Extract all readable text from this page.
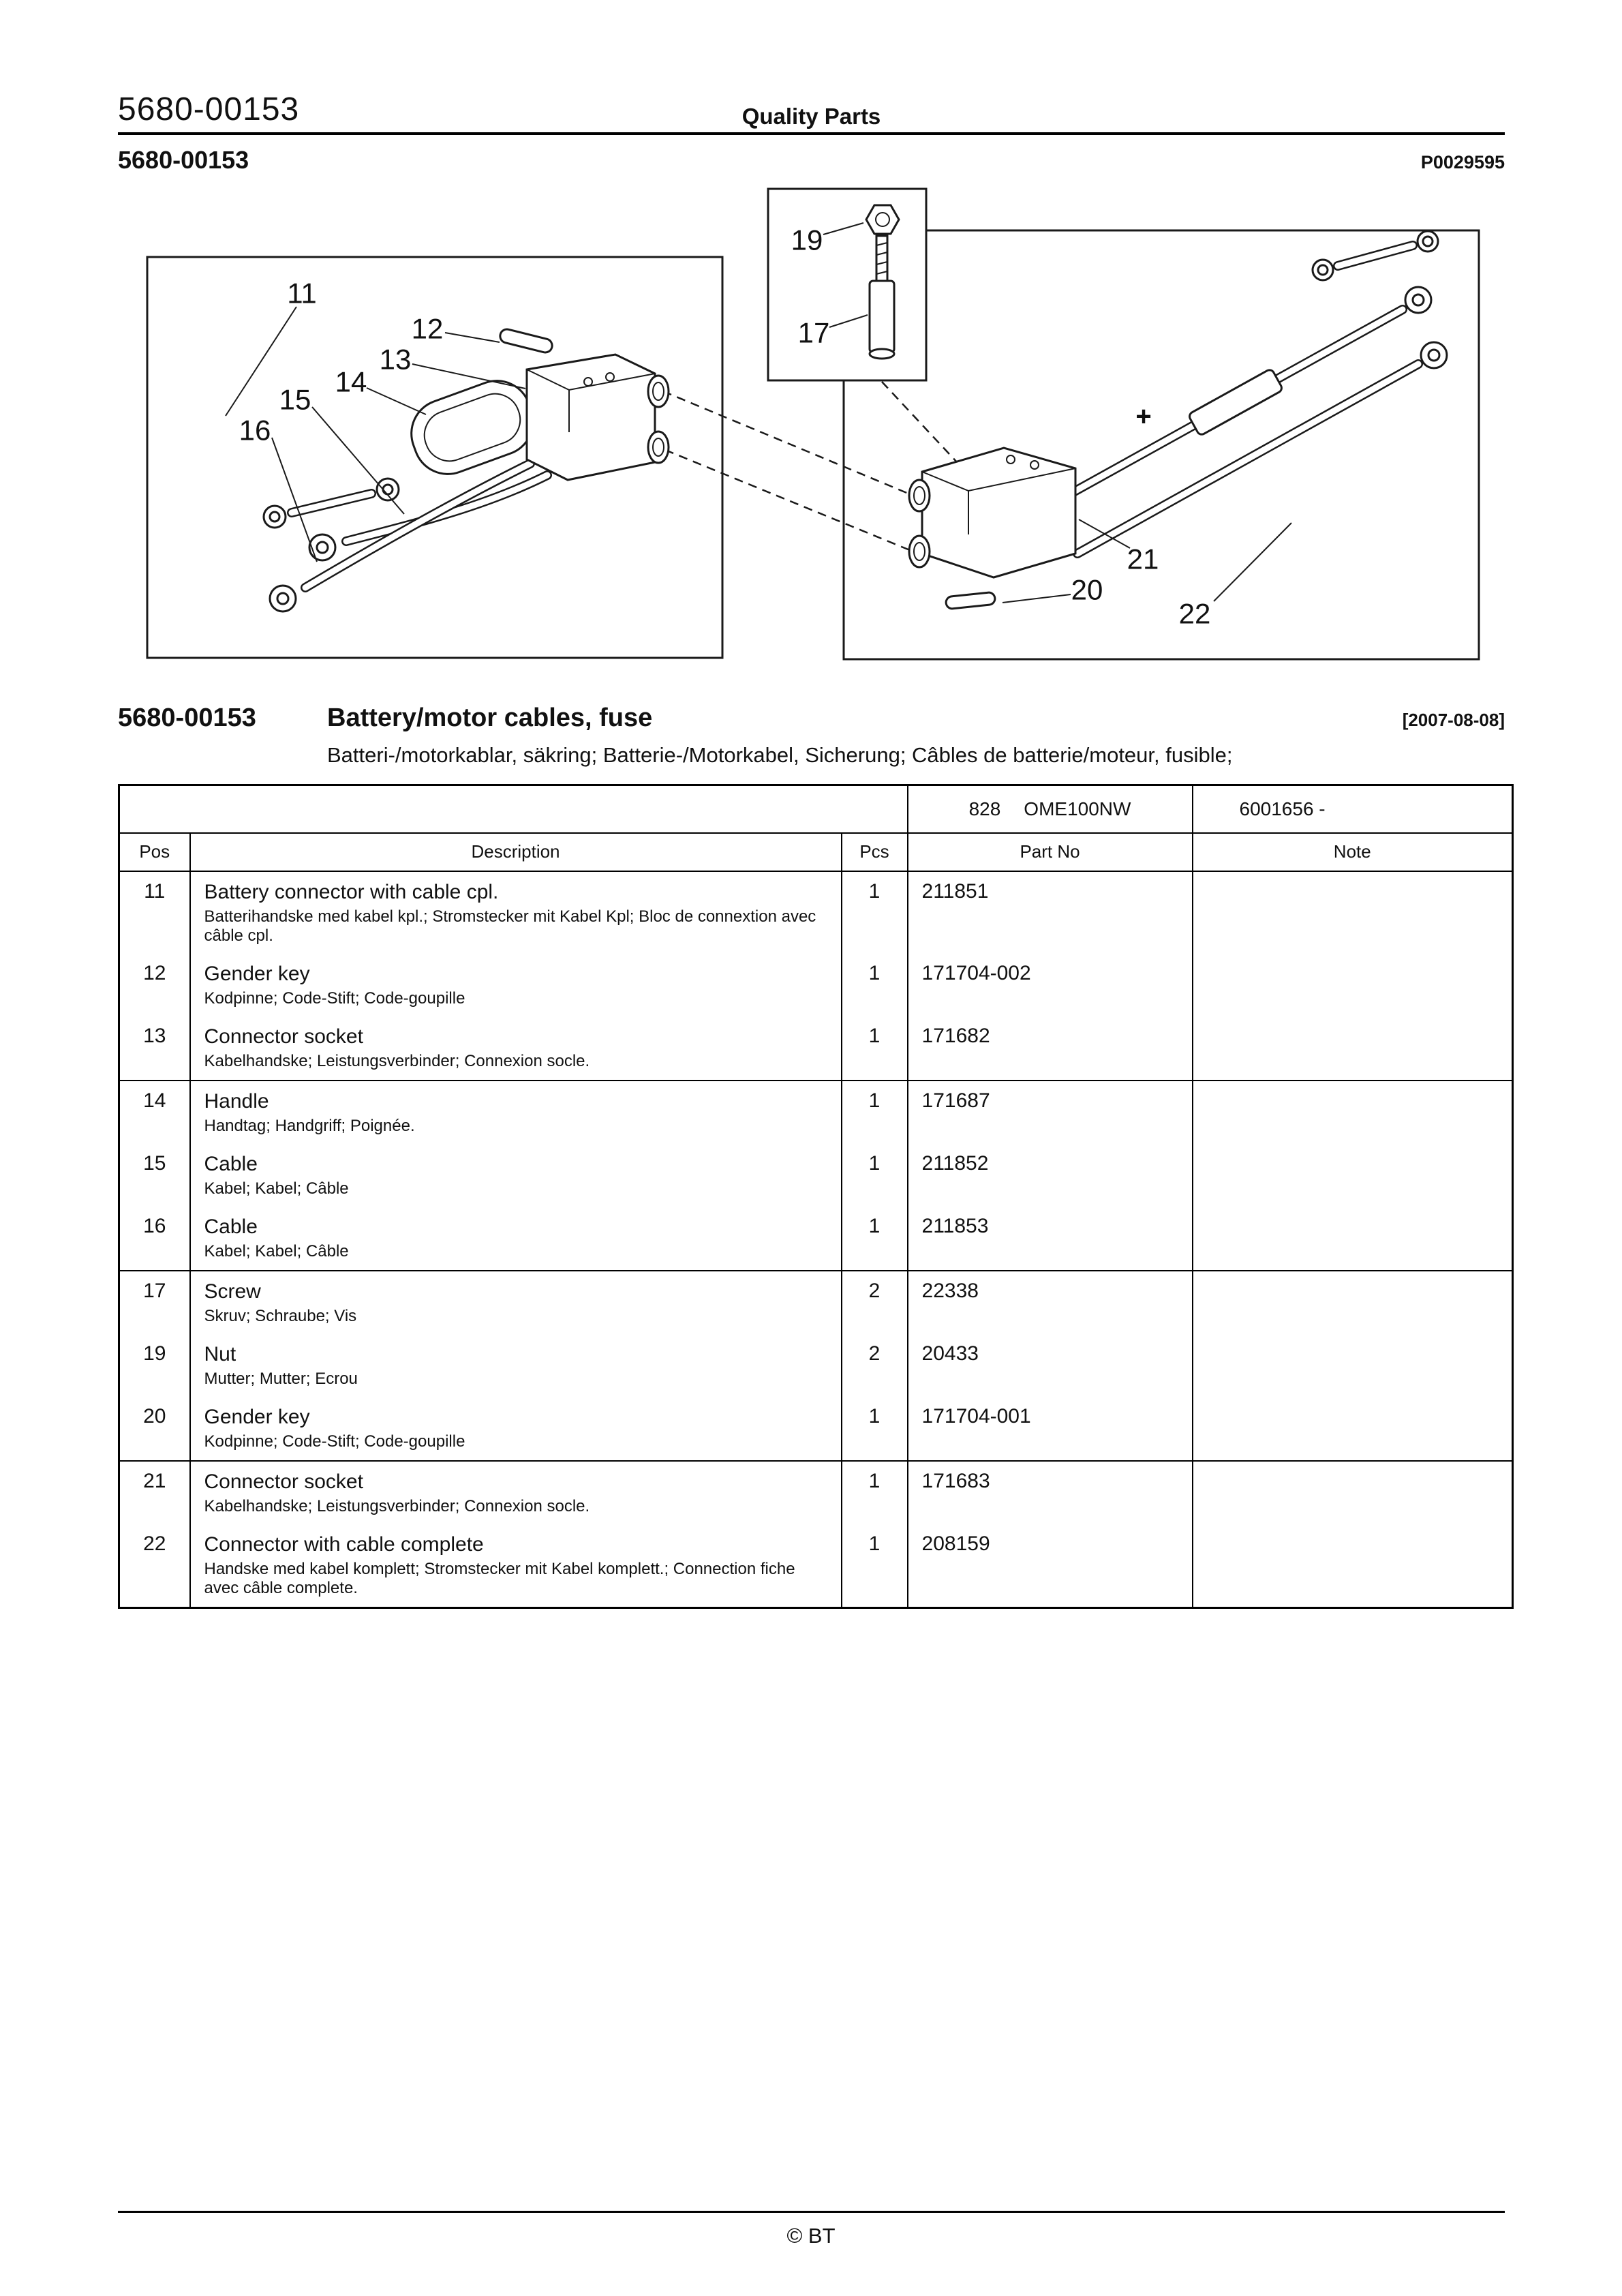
5680-00153	Quality Parts
5680-00153	P0029595
11
12
13
14
15
16
19
17
+
21
20
22
5680-00153	Battery/motor cables, fuse	[2007-08-08]
Batteri-/motorkablar, säkring; Batterie-/Motorkabel, Sicherung; Câbles de batterie/moteur, fusible;
			828 OME100NW	6001656 -
Pos	Description	Pcs	Part No	Note
11	Battery connector with cable cpl.
Batterihandske med kabel kpl.; Stromstecker mit Kabel Kpl; Bloc de connextion avec câble cpl.	1	211851	
12	Gender key
Kodpinne; Code-Stift; Code-goupille	1	171704-002	
13	Connector socket
Kabelhandske; Leistungsverbinder; Connexion socle.	1	171682	
14	Handle
Handtag; Handgriff; Poignée.	1	171687	
15	Cable
Kabel; Kabel; Câble	1	211852	
16	Cable
Kabel; Kabel; Câble	1	211853	
17	Screw
Skruv; Schraube; Vis	2	22338	
19	Nut
Mutter; Mutter; Ecrou	2	20433	
20	Gender key
Kodpinne; Code-Stift; Code-goupille	1	171704-001	
21	Connector socket
Kabelhandske; Leistungsverbinder; Connexion socle.	1	171683	
22	Connector with cable complete
Handske med kabel komplett; Stromstecker mit Kabel komplett.; Connection fiche avec câble complete.	1	208159	
© BT
